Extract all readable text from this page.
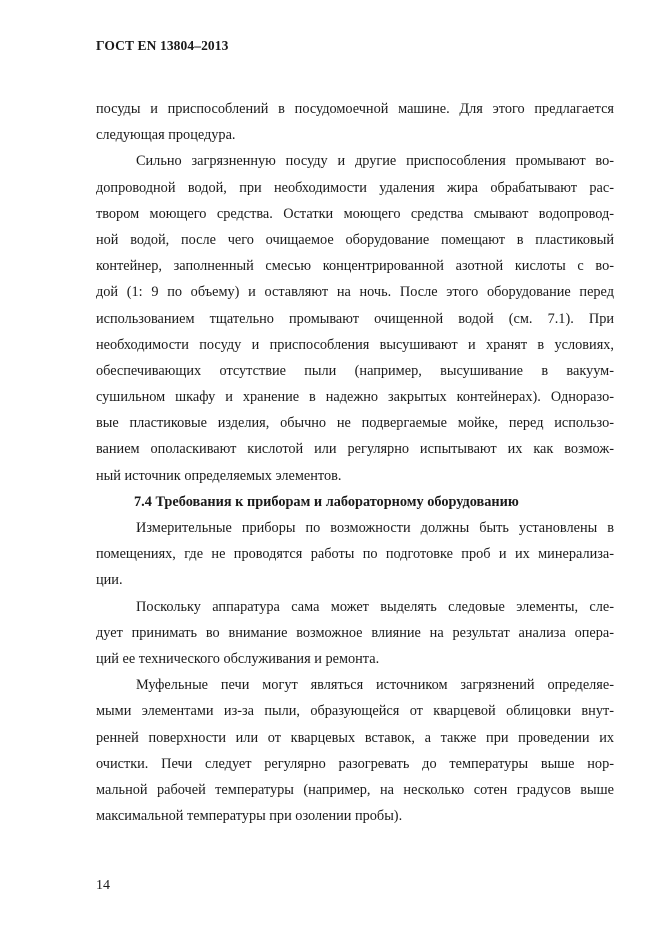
ГОСТ EN 13804–2013
посуды и приспособлений в посудомоечной машине. Для этого предлагается
следующая процедура.
Сильно загрязненную посуду и другие приспособления промывают во-
допроводной водой, при необходимости удаления жира обрабатывают рас-
твором моющего средства. Остатки моющего средства смывают водопровод-
ной водой, после чего очищаемое оборудование помещают в пластиковый
контейнер, заполненный смесью концентрированной азотной кислоты с во-
дой (1: 9 по объему) и оставляют на ночь. После этого оборудование перед
использованием тщательно промывают очищенной водой (см. 7.1). При
необходимости посуду и приспособления высушивают и хранят в условиях,
обеспечивающих отсутствие пыли (например, высушивание в вакуум-
сушильном шкафу и хранение в надежно закрытых контейнерах). Одноразо-
вые пластиковые изделия, обычно не подвергаемые мойке, перед использо-
ванием ополаскивают кислотой или регулярно испытывают их как возмож-
ный источник определяемых элементов.
7.4 Требования к приборам и лабораторному оборудованию
Измерительные приборы по возможности должны быть установлены в
помещениях, где не проводятся работы по подготовке проб и их минерализа-
ции.
Поскольку аппаратура сама может выделять следовые элементы, сле-
дует принимать во внимание возможное влияние на результат анализа опера-
ций ее технического обслуживания и ремонта.
Муфельные печи могут являться источником загрязнений определяе-
мыми элементами из-за пыли, образующейся от кварцевой облицовки внут-
ренней поверхности или от кварцевых вставок, а также при проведении их
очистки. Печи следует регулярно разогревать до температуры выше нор-
мальной рабочей температуры (например, на несколько сотен градусов выше
максимальной температуры при озолении пробы).
14
